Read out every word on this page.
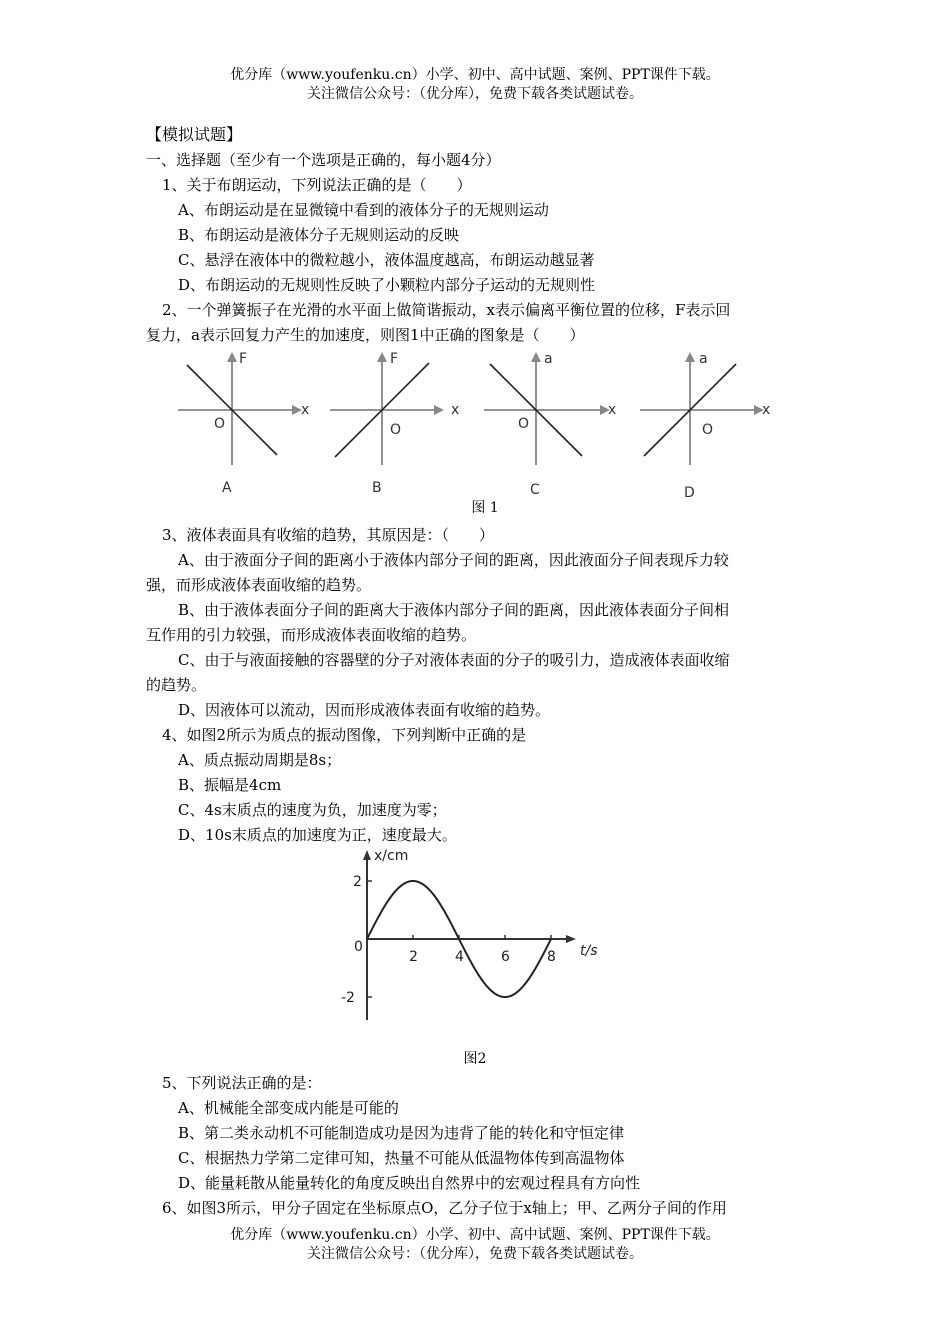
优分库（www.youfenku.cn）小学、初中、高中试题、案例、PPT课件下载。

关注微信公众号：（优分库），免费下载各类试题试卷。

【模拟试题】
一、选择题（至少有一个选项是正确的，每小题4分）
1、关于布朗运动，下列说法正确的是（　　）
A、布朗运动是在显微镜中看到的液体分子的无规则运动
B、布朗运动是液体分子无规则运动的反映
C、悬浮在液体中的微粒越小，液体温度越高，布朗运动越显著
D、布朗运动的无规则性反映了小颗粒内部分子运动的无规则性
2、一个弹簧振子在光滑的水平面上做简谐振动，x表示偏离平衡位置的位移，F表示回
复力，a表示回复力产生的加速度，则图1中正确的图象是（　　）
F
x
O
A
F
x
O
B
a
x
O
C
a
x
O
D
图 1
3、液体表面具有收缩的趋势，其原因是：（　　）
A、由于液面分子间的距离小于液体内部分子间的距离，因此液面分子间表现斥力较
强，而形成液体表面收缩的趋势。
B、由于液体表面分子间的距离大于液体内部分子间的距离，因此液体表面分子间相
互作用的引力较强，而形成液体表面收缩的趋势。
C、由于与液面接触的容器壁的分子对液体表面的分子的吸引力，造成液体表面收缩
的趋势。
D、因液体可以流动，因而形成液体表面有收缩的趋势。
4、如图2所示为质点的振动图像，下列判断中正确的是
A、质点振动周期是8s；
B、振幅是4cm
C、4s末质点的速度为负，加速度为零；
D、10s末质点的加速度为正，速度最大。
x/cm
t/s
0
2	4	6	8
2
-2
图2
5、下列说法正确的是：
A、机械能全部变成内能是可能的
B、第二类永动机不可能制造成功是因为违背了能的转化和守恒定律
C、根据热力学第二定律可知，热量不可能从低温物体传到高温物体
D、能量耗散从能量转化的角度反映出自然界中的宏观过程具有方向性
6、如图3所示，甲分子固定在坐标原点O，乙分子位于x轴上；甲、乙两分子间的作用

优分库（www.youfenku.cn）小学、初中、高中试题、案例、PPT课件下载。

关注微信公众号：（优分库），免费下载各类试题试卷。
